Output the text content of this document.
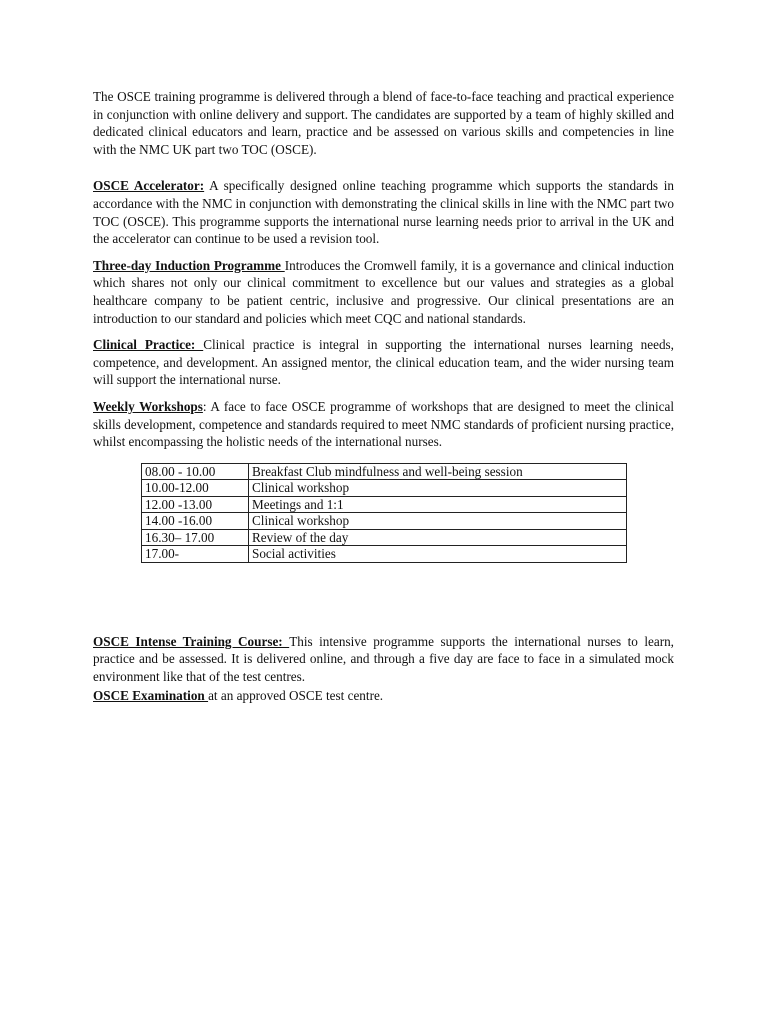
The OSCE training programme is delivered through a blend of face-to-face teaching and practical experience in conjunction with online delivery and support. The candidates are supported by a team of highly skilled and dedicated clinical educators and learn, practice and be assessed on various skills and competencies in line with the NMC UK part two TOC (OSCE).

OSCE Accelerator: A specifically designed online teaching programme which supports the standards in accordance with the NMC in conjunction with demonstrating the clinical skills in line with the NMC part two TOC (OSCE). This programme supports the international nurse learning needs prior to arrival in the UK and the accelerator can continue to be used a revision tool.

Three-day Induction Programme Introduces the Cromwell family, it is a governance and clinical induction which shares not only our clinical commitment to excellence but our values and strategies as a global healthcare company to be patient centric, inclusive and progressive. Our clinical presentations are an introduction to our standard and policies which meet CQC and national standards.

Clinical Practice: Clinical practice is integral in supporting the international nurses learning needs, competence, and development. An assigned mentor, the clinical education team, and the wider nursing team will support the international nurse.

Weekly Workshops: A face to face OSCE programme of workshops that are designed to meet the clinical skills development, competence and standards required to meet NMC standards of proficient nursing practice, whilst encompassing the holistic needs of the international nurses.

08.00 - 10.00	Breakfast Club mindfulness and well-being session
10.00-12.00	Clinical workshop
12.00 -13.00	Meetings and 1:1
14.00 -16.00	Clinical workshop
16.30– 17.00	Review of the day
17.00-	Social activities

OSCE Intense Training Course: This intensive programme supports the international nurses to learn, practice and be assessed. It is delivered online, and through a five day are face to face in a simulated mock environment like that of the test centres.

OSCE Examination at an approved OSCE test centre.
